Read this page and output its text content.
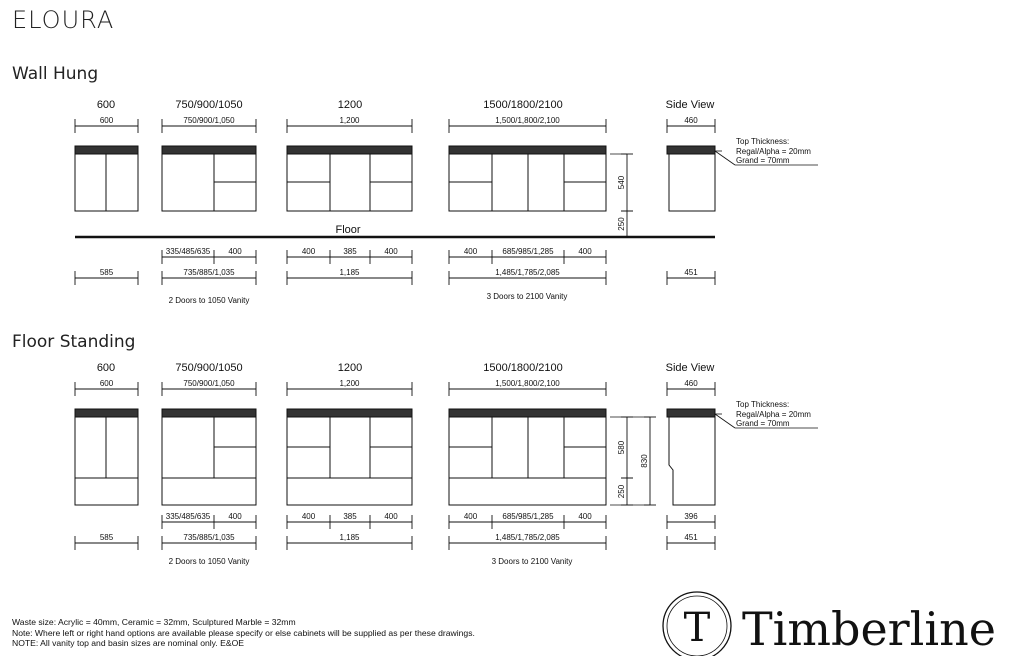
ELOURA
Wall Hung
Floor Standing
600	750/900/1050	1200	1500/1800/2100	Side View
600	750/900/1,050	1,200	1,500/1,800/2,100	460
Top Thickness:
Regal/Alpha = 20mm
Grand = 70mm
540
250
Floor
335/485/635 400	400	385	400	400	685/985/1,285	400
585	735/885/1,035	1,185	1,485/1,785/2,085	451
2 Doors to 1050 Vanity	3 Doors to 2100 Vanity
600	750/900/1050	1200	1500/1800/2100	Side View
600	750/900/1,050	1,200	1,500/1,800/2,100	460
Top Thickness:
Regal/Alpha = 20mm
Grand = 70mm
580
250
830
335/485/635 400	400	385	400	400	685/985/1,285	400	396
585	735/885/1,035	1,185	1,485/1,785/2,085	451
2 Doors to 1050 Vanity	3 Doors to 2100 Vanity
T Timberline
Waste size: Acrylic = 40mm, Ceramic = 32mm, Sculptured Marble = 32mm
Note: Where left or right hand options are available please specify or else cabinets will be supplied as per these drawings.
NOTE: All vanity top and basin sizes are nominal only. E&OE
